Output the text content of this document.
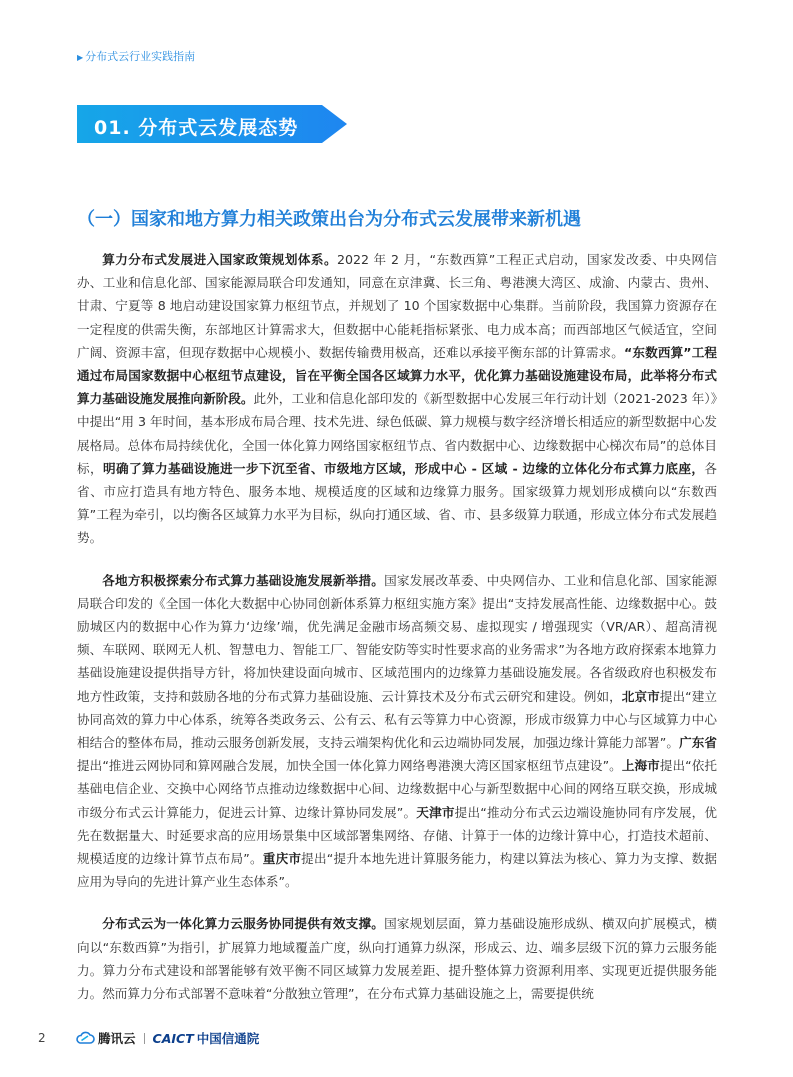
▶ 分布式云行业实践指南
01. 分布式云发展态势
（一）国家和地方算力相关政策出台为分布式云发展带来新机遇

算力分布式发展进入国家政策规划体系。2022 年 2 月，“东数西算”工程正式启动，国家发改委、中央网信办、工业和信息化部、国家能源局联合印发通知，同意在京津冀、长三角、粤港澳大湾区、成渝、内蒙古、贵州、甘肃、宁夏等 8 地启动建设国家算力枢纽节点，并规划了 10 个国家数据中心集群。当前阶段，我国算力资源存在一定程度的供需失衡，东部地区计算需求大，但数据中心能耗指标紧张、电力成本高；而西部地区气候适宜，空间广阔、资源丰富，但现存数据中心规模小、数据传输费用极高，还难以承接平衡东部的计算需求。“东数西算”工程通过布局国家数据中心枢纽节点建设，旨在平衡全国各区域算力水平，优化算力基础设施建设布局，此举将分布式算力基础设施发展推向新阶段。此外，工业和信息化部印发的《新型数据中心发展三年行动计划（2021-2023 年）》中提出“用 3 年时间，基本形成布局合理、技术先进、绿色低碳、算力规模与数字经济增长相适应的新型数据中心发展格局。总体布局持续优化，全国一体化算力网络国家枢纽节点、省内数据中心、边缘数据中心梯次布局”的总体目标，明确了算力基础设施进一步下沉至省、市级地方区域，形成中心 - 区域 - 边缘的立体化分布式算力底座，各省、市应打造具有地方特色、服务本地、规模适度的区域和边缘算力服务。国家级算力规划形成横向以“东数西算”工程为牵引，以均衡各区域算力水平为目标，纵向打通区域、省、市、县多级算力联通，形成立体分布式发展趋势。

各地方积极探索分布式算力基础设施发展新举措。国家发展改革委、中央网信办、工业和信息化部、国家能源局联合印发的《全国一体化大数据中心协同创新体系算力枢纽实施方案》提出“支持发展高性能、边缘数据中心。鼓励城区内的数据中心作为算力‘边缘’端，优先满足金融市场高频交易、虚拟现实 / 增强现实（VR/AR）、超高清视频、车联网、联网无人机、智慧电力、智能工厂、智能安防等实时性要求高的业务需求”为各地方政府探索本地算力基础设施建设提供指导方针，将加快建设面向城市、区域范围内的边缘算力基础设施发展。各省级政府也积极发布地方性政策，支持和鼓励各地的分布式算力基础设施、云计算技术及分布式云研究和建设。例如，北京市提出“建立协同高效的算力中心体系，统筹各类政务云、公有云、私有云等算力中心资源，形成市级算力中心与区域算力中心相结合的整体布局，推动云服务创新发展，支持云端架构优化和云边端协同发展，加强边缘计算能力部署”。广东省提出“推进云网协同和算网融合发展，加快全国一体化算力网络粤港澳大湾区国家枢纽节点建设”。上海市提出“依托基础电信企业、交换中心网络节点推动边缘数据中心间、边缘数据中心与新型数据中心间的网络互联交换，形成城市级分布式云计算能力，促进云计算、边缘计算协同发展”。天津市提出“推动分布式云边端设施协同有序发展，优先在数据量大、时延要求高的应用场景集中区域部署集网络、存储、计算于一体的边缘计算中心，打造技术超前、规模适度的边缘计算节点布局”。重庆市提出“提升本地先进计算服务能力，构建以算法为核心、算力为支撑、数据应用为导向的先进计算产业生态体系”。

分布式云为一体化算力云服务协同提供有效支撑。国家规划层面，算力基础设施形成纵、横双向扩展模式，横向以“东数西算”为指引，扩展算力地域覆盖广度，纵向打通算力纵深，形成云、边、端多层级下沉的算力云服务能力。算力分布式建设和部署能够有效平衡不同区域算力发展差距、提升整体算力资源利用率、实现更近提供服务能力。然而算力分布式部署不意味着“分散独立管理”，在分布式算力基础设施之上，需要提供统

2	腾讯云 CAICT 中国信通院
